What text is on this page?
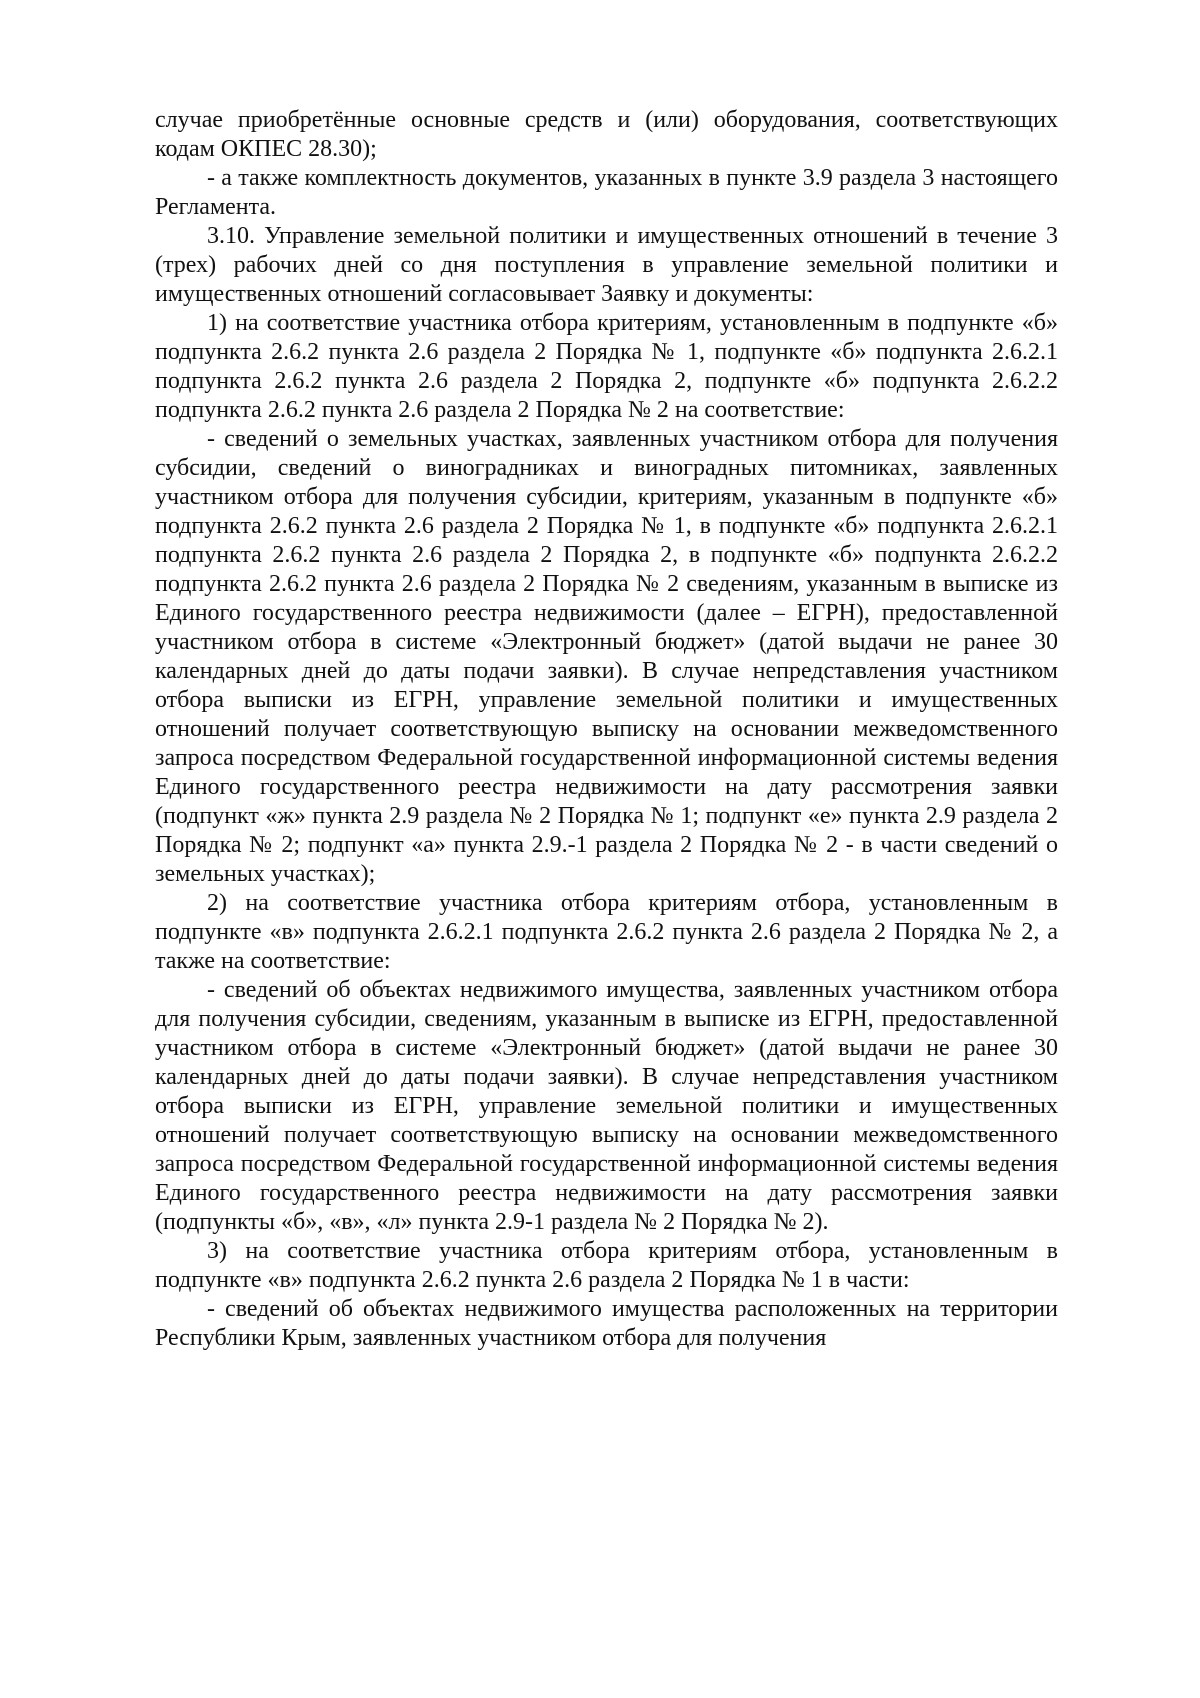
случае приобретённые основные средств и (или) оборудования, соответствующих кодам ОКПЕС 28.30);

- а также комплектность документов, указанных в пункте 3.9 раздела 3 настоящего Регламента.

3.10. Управление земельной политики и имущественных отношений в течение 3 (трех) рабочих дней со дня поступления в управление земельной политики и имущественных отношений согласовывает Заявку и документы:

1) на соответствие участника отбора критериям, установленным в подпункте «б» подпункта 2.6.2 пункта 2.6 раздела 2 Порядка № 1, подпункте «б» подпункта 2.6.2.1 подпункта 2.6.2 пункта 2.6 раздела 2 Порядка 2, подпункте «б» подпункта 2.6.2.2 подпункта 2.6.2 пункта 2.6 раздела 2 Порядка № 2 на соответствие:

- сведений о земельных участках, заявленных участником отбора для получения субсидии, сведений о виноградниках и виноградных питомниках, заявленных участником отбора для получения субсидии, критериям, указанным в подпункте «б» подпункта 2.6.2 пункта 2.6 раздела 2 Порядка № 1, в подпункте «б» подпункта 2.6.2.1 подпункта 2.6.2 пункта 2.6 раздела 2 Порядка 2, в подпункте «б» подпункта 2.6.2.2 подпункта 2.6.2 пункта 2.6 раздела 2 Порядка № 2 сведениям, указанным в выписке из Единого государственного реестра недвижимости (далее – ЕГРН), предоставленной участником отбора в системе «Электронный бюджет» (датой выдачи не ранее 30 календарных дней до даты подачи заявки). В случае непредставления участником отбора выписки из ЕГРН, управление земельной политики и имущественных отношений получает соответствующую выписку на основании межведомственного запроса посредством Федеральной государственной информационной системы ведения Единого государственного реестра недвижимости на дату рассмотрения заявки (подпункт «ж» пункта 2.9 раздела № 2 Порядка № 1; подпункт «е» пункта 2.9 раздела 2 Порядка № 2; подпункт «а» пункта 2.9.-1 раздела 2 Порядка № 2 - в части сведений о земельных участках);

2) на соответствие участника отбора критериям отбора, установленным в подпункте «в» подпункта 2.6.2.1 подпункта 2.6.2 пункта 2.6 раздела 2 Порядка № 2, а также на соответствие:

- сведений об объектах недвижимого имущества, заявленных участником отбора для получения субсидии, сведениям, указанным в выписке из ЕГРН, предоставленной участником отбора в системе «Электронный бюджет» (датой выдачи не ранее 30 календарных дней до даты подачи заявки). В случае непредставления участником отбора выписки из ЕГРН, управление земельной политики и имущественных отношений получает соответствующую выписку на основании межведомственного запроса посредством Федеральной государственной информационной системы ведения Единого государственного реестра недвижимости на дату рассмотрения заявки (подпункты «б», «в», «л» пункта 2.9-1 раздела № 2 Порядка № 2).

3) на соответствие участника отбора критериям отбора, установленным в подпункте «в» подпункта 2.6.2 пункта 2.6 раздела 2 Порядка № 1 в части:

- сведений об объектах недвижимого имущества расположенных на территории Республики Крым, заявленных участником отбора для получения
